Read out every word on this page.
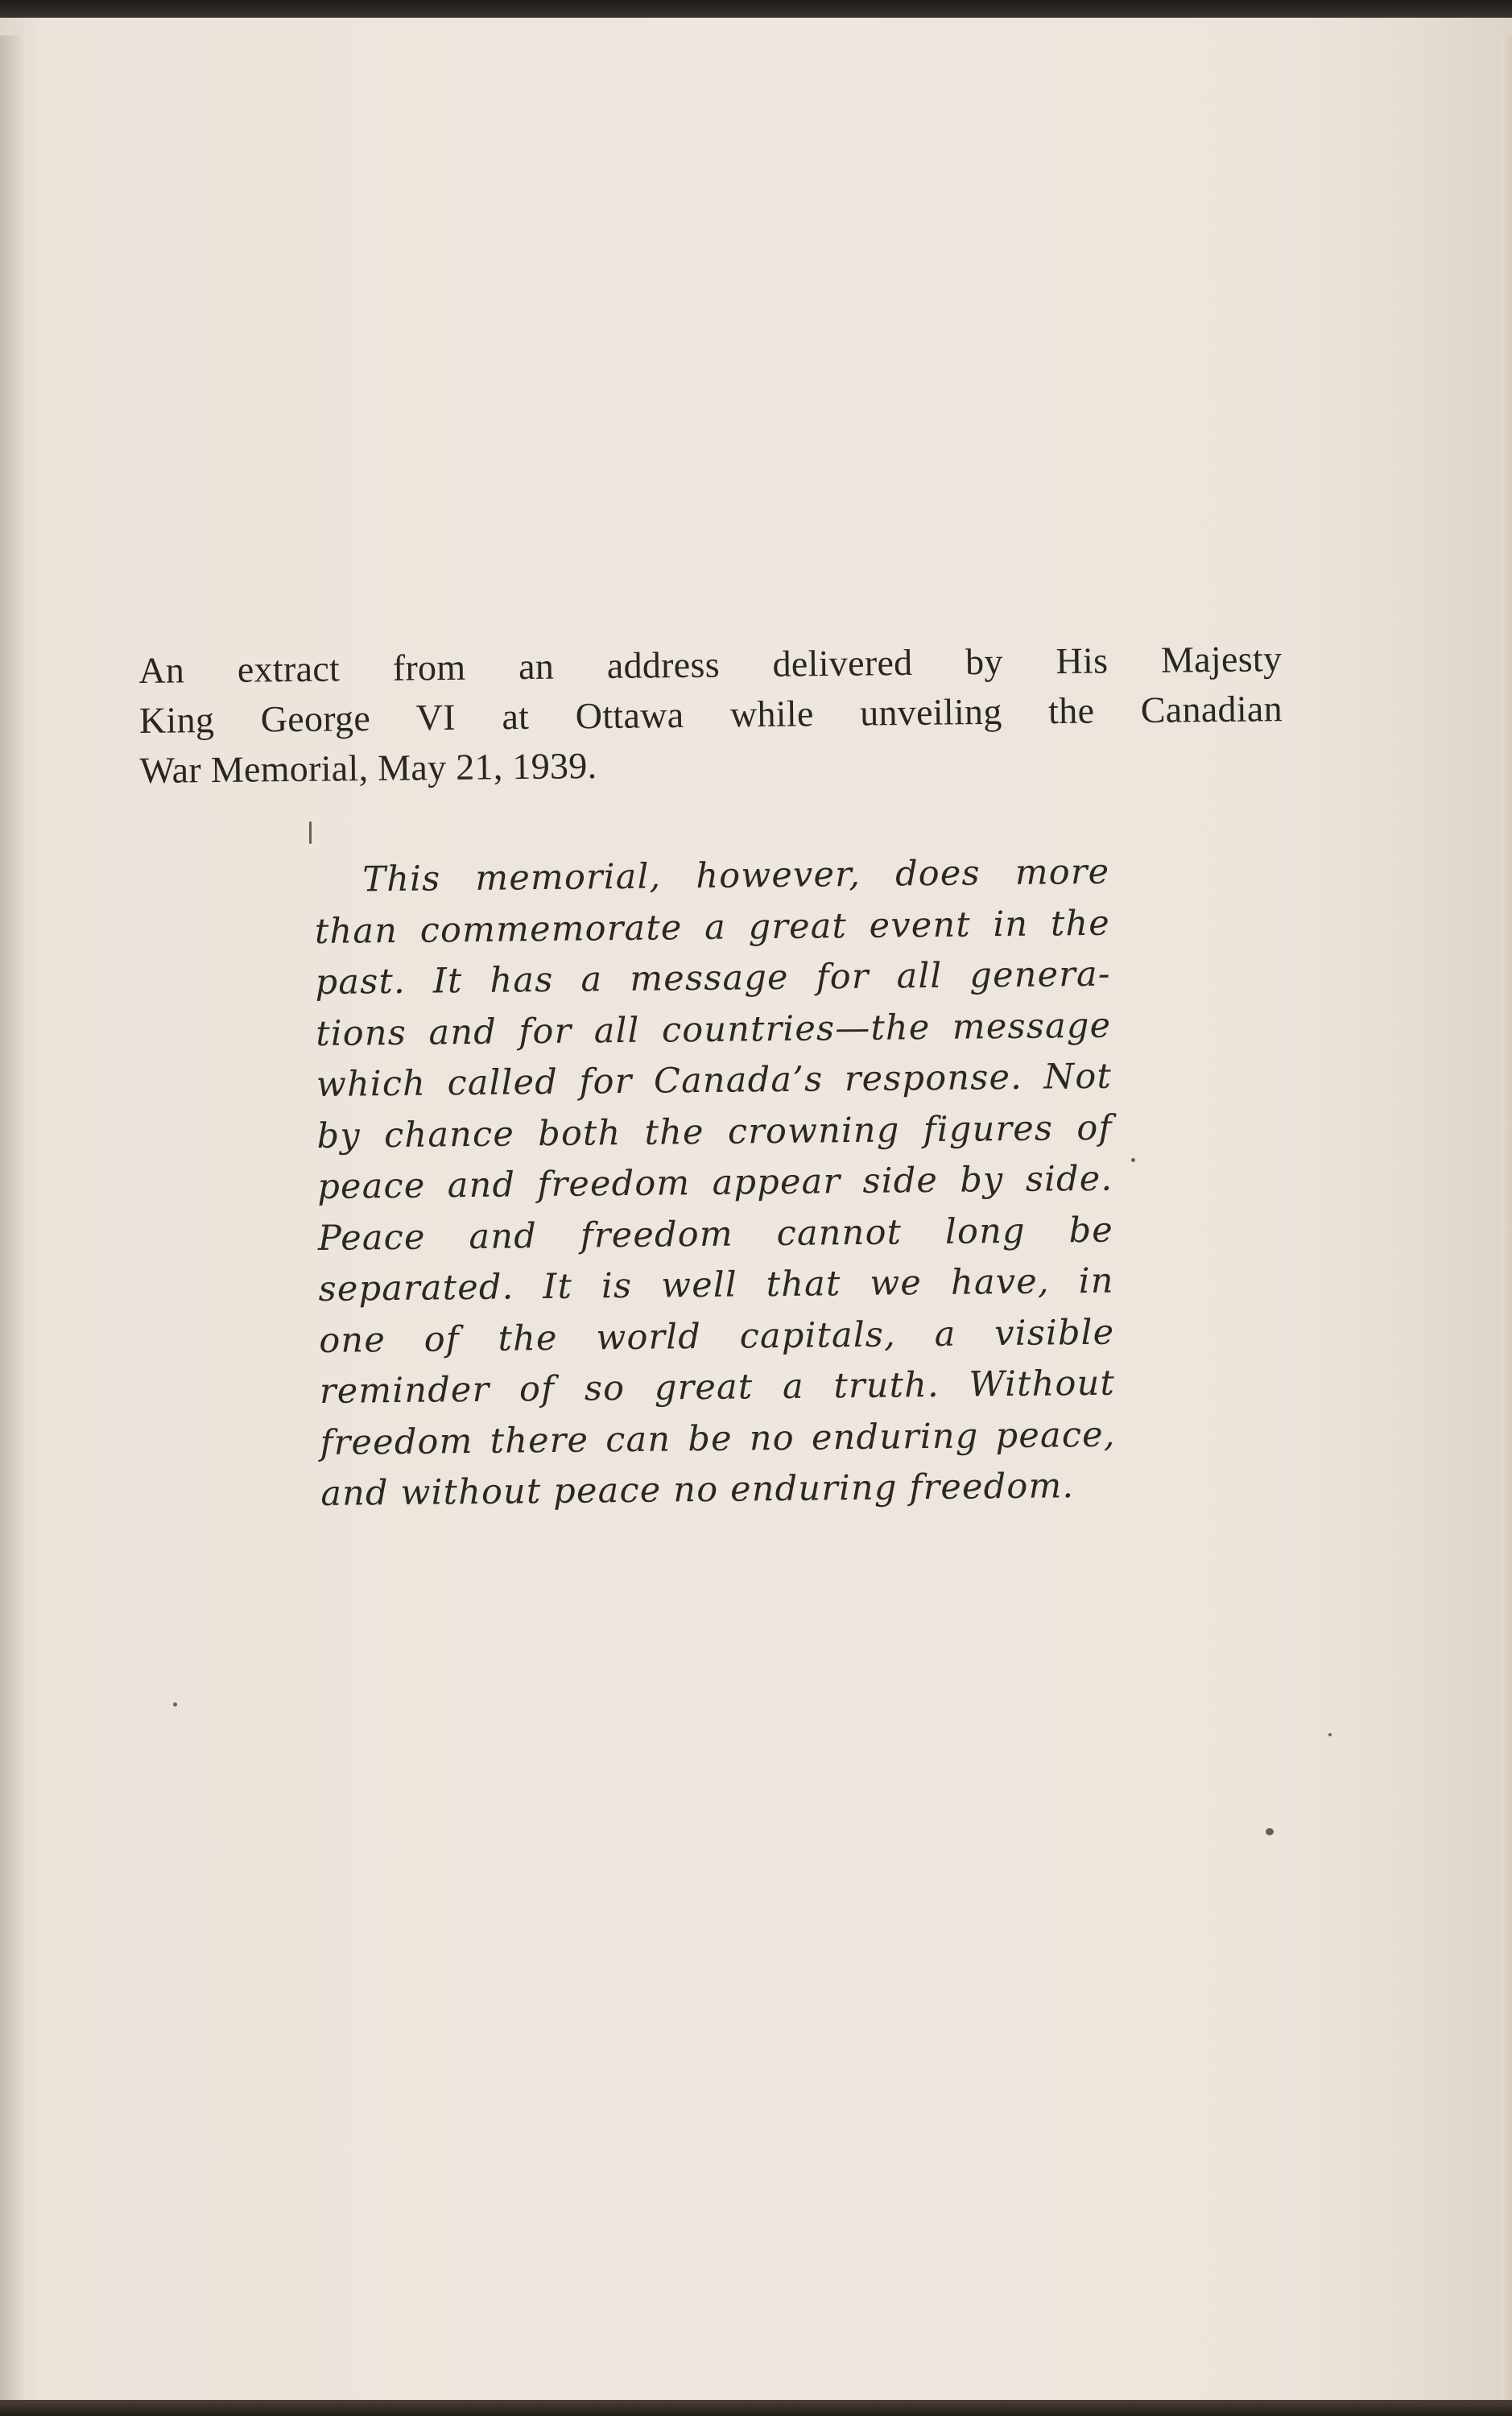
An extract from an address delivered by His Majesty
King George VI at Ottawa while unveiling the Canadian
War Memorial, May 21, 1939.
This memorial, however, does more
than commemorate a great event in the
past. It has a message for all genera-
tions and for all countries—the message
which called for Canada’s response. Not
by chance both the crowning figures of
peace and freedom appear side by side.
Peace and freedom cannot long be
separated. It is well that we have, in
one of the world capitals, a visible
reminder of so great a truth. Without
freedom there can be no enduring peace,
and without peace no enduring freedom.
